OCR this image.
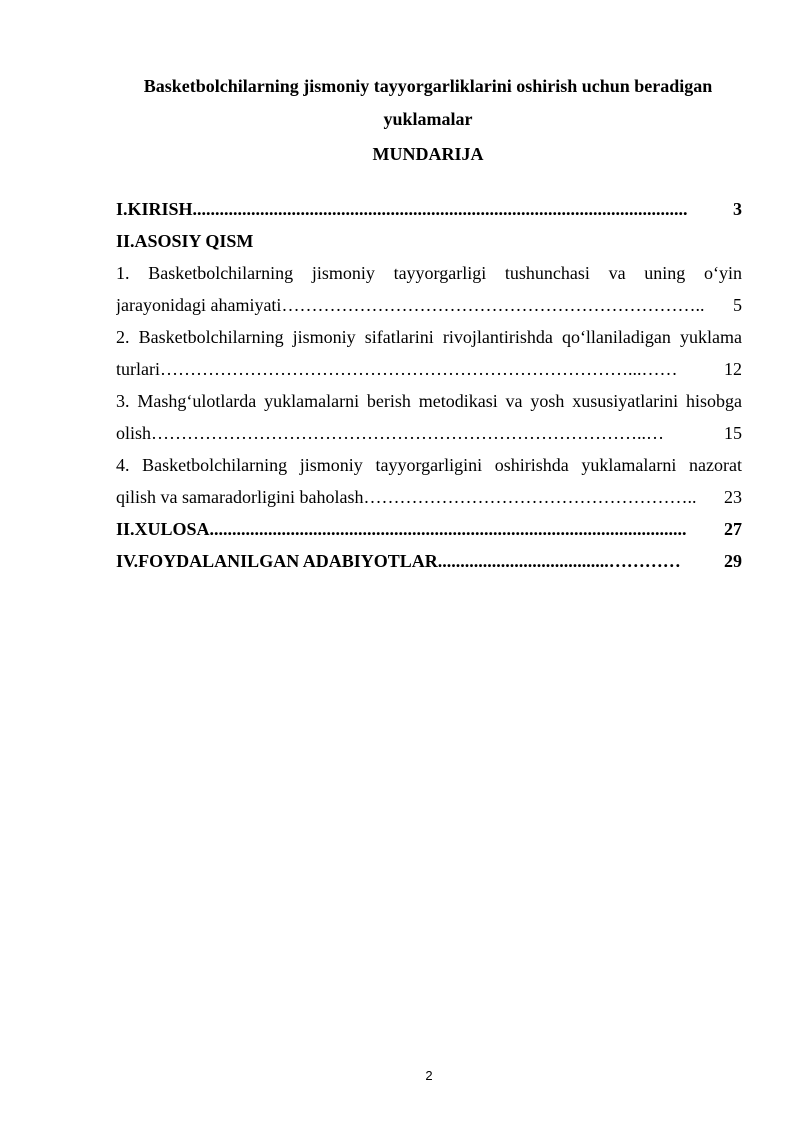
Basketbolchilarning jismoniy tayyorgarliklarini oshirish uchun beradigan

yuklamalar

MUNDARIJA

I.KIRISH ..............................................................................................................	3
II.ASOSIY QISM
1. Basketbolchilarning jismoniy tayyorgarligi tushunchasi va uning o‘yin
jarayonidagi ahamiyati ……………………………………………………………..	5
2. Basketbolchilarning jismoniy sifatlarini rivojlantirishda qo‘llaniladigan yuklama
turlari ……………………………………………………………………...……	12
3. Mashg‘ulotlarda yuklamalarni berish metodikasi va yosh xususiyatlarini hisobga
olish ………………………………………………………………………..…	15
4. Basketbolchilarning jismoniy tayyorgarligini oshirishda yuklamalarni nazorat
qilish va samaradorligini baholash ………………………………………………..	23
II.XULOSA ..........................................................................................................	27
IV.FOYDALANILGAN ADABIYOTLAR ......................................…………	29
2
